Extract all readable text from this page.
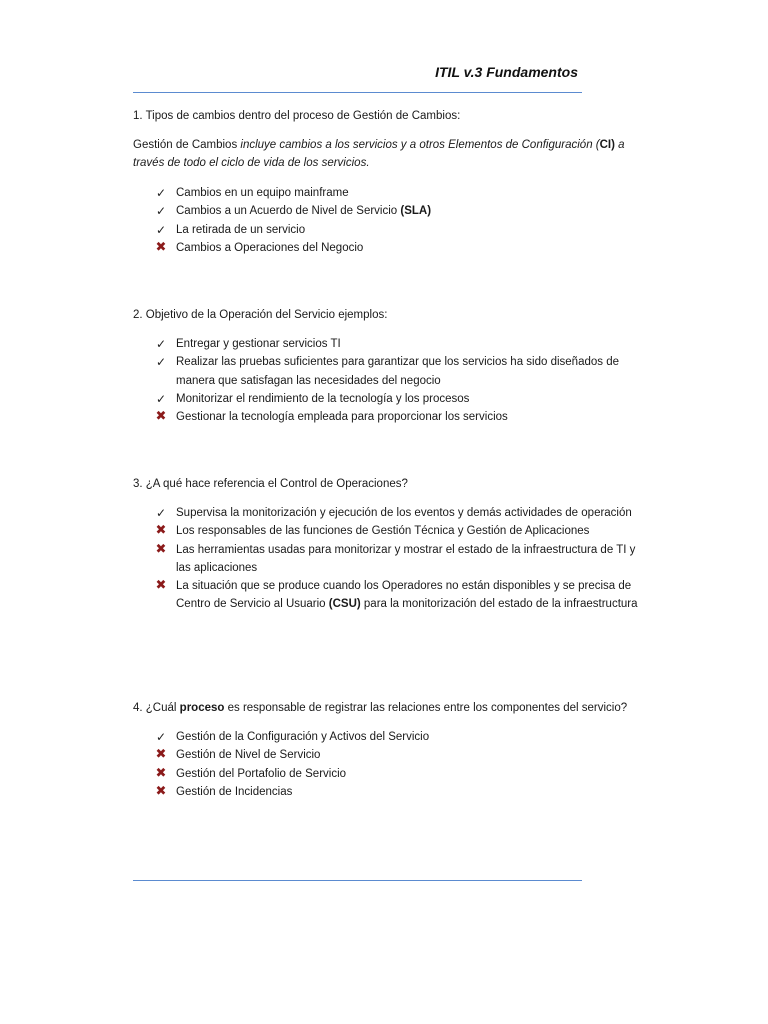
ITIL v.3 Fundamentos

1. Tipos de cambios dentro del proceso de Gestión de Cambios:

Gestión de Cambios incluye cambios a los servicios y a otros Elementos de Configuración (CI) a través de todo el ciclo de vida de los servicios.

✓ Cambios en un equipo mainframe
✓ Cambios a un Acuerdo de Nivel de Servicio (SLA)
✓ La retirada de un servicio
✖ Cambios a Operaciones del Negocio

2. Objetivo de la Operación del Servicio ejemplos:

✓ Entregar y gestionar servicios TI
✓ Realizar las pruebas suficientes para garantizar que los servicios ha sido diseñados de manera que satisfagan las necesidades del negocio
✓ Monitorizar el rendimiento de la tecnología y los procesos
✖ Gestionar la tecnología empleada para proporcionar los servicios

3. ¿A qué hace referencia el Control de Operaciones?

✓ Supervisa la monitorización y ejecución de los eventos y demás actividades de operación
✖ Los responsables de las funciones de Gestión Técnica y Gestión de Aplicaciones
✖ Las herramientas usadas para monitorizar y mostrar el estado de la infraestructura de TI y las aplicaciones
✖ La situación que se produce cuando los Operadores no están disponibles y se precisa de Centro de Servicio al Usuario (CSU) para la monitorización del estado de la infraestructura

4. ¿Cuál proceso es responsable de registrar las relaciones entre los componentes del servicio?

✓ Gestión de la Configuración y Activos del Servicio
✖ Gestión de Nivel de Servicio
✖ Gestión del Portafolio de Servicio
✖ Gestión de Incidencias
